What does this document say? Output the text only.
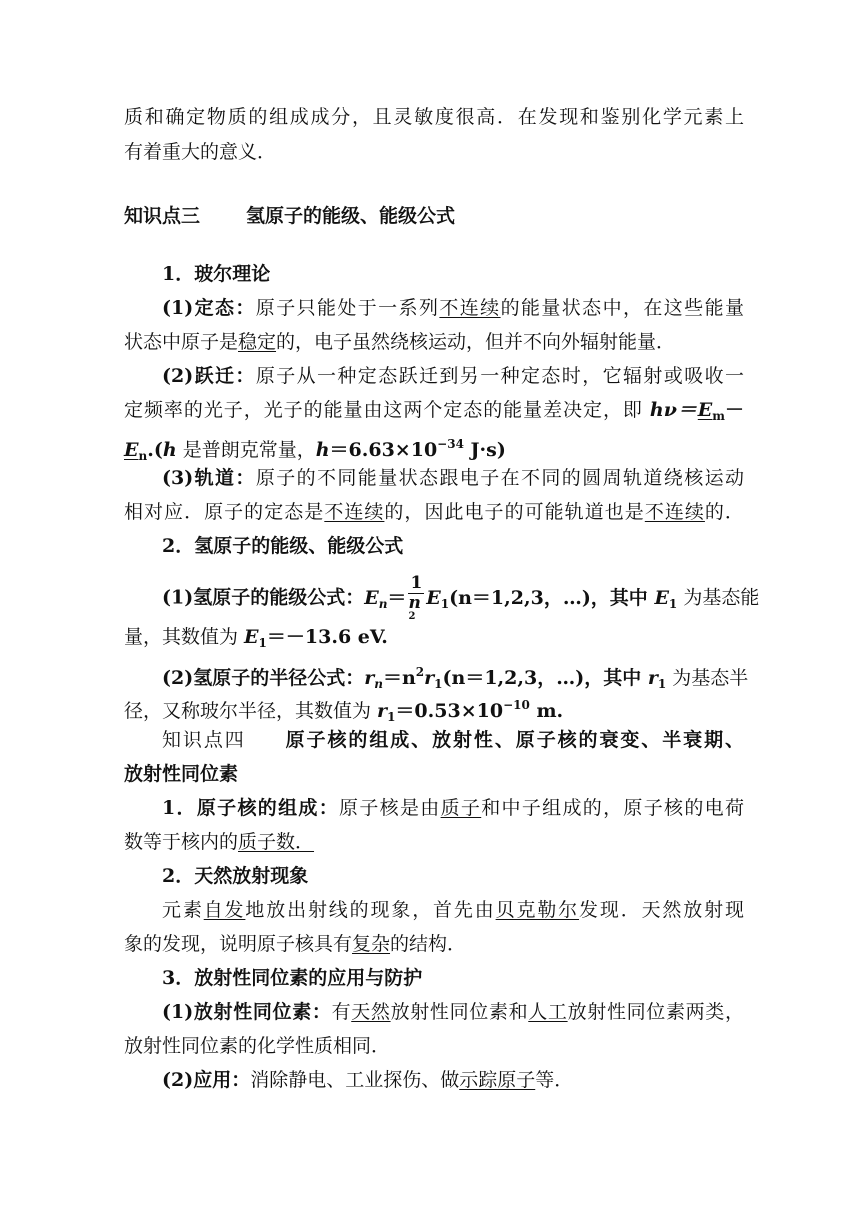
质和确定物质的组成成分，且灵敏度很高．在发现和鉴别化学元素上
有着重大的意义．
知识点三 氢原子的能级、能级公式
1．玻尔理论
(1)定态：原子只能处于一系列不连续的能量状态中，在这些能量
状态中原子是稳定的，电子虽然绕核运动，但并不向外辐射能量．
(2)跃迁：原子从一种定态跃迁到另一种定态时，它辐射或吸收一
定频率的光子，光子的能量由这两个定态的能量差决定，即 $h\nu=E_m-$
$E_n.(h$ 是普朗克常量，$h=6.63\times 10^{-34}$ J·s)
(3)轨道：原子的不同能量状态跟电子在不同的圆周轨道绕核运动
相对应．原子的定态是不连续的，因此电子的可能轨道也是不连续的．
2．氢原子的能级、能级公式
(1)氢原子的能级公式：$E_n= 1$
n
2 $E_1(n=1,2,3$，…)，其中 $E_1$ 为基态能
量，其数值为 $E_1=-13.6$ eV.
(2)氢原子的半径公式：$r_n=n^2r_1(n=1,2,3$，…)，其中 $r_1$ 为基态半
径，又称玻尔半径，其数值为 $r_1=0.53\times 10^{-10}$ m.
知识点四 原子核的组成、放射性、原子核的衰变、半衰期、
放射性同位素
1．原子核的组成：原子核是由质子和中子组成的，原子核的电荷
数等于核内的质子数．
2．天然放射现象
元素自发地放出射线的现象，首先由贝克勒尔发现．天然放射现
象的发现，说明原子核具有复杂的结构．
3．放射性同位素的应用与防护
(1)放射性同位素：有天然放射性同位素和人工放射性同位素两类，
放射性同位素的化学性质相同．
(2)应用：消除静电、工业探伤、做示踪原子等．
